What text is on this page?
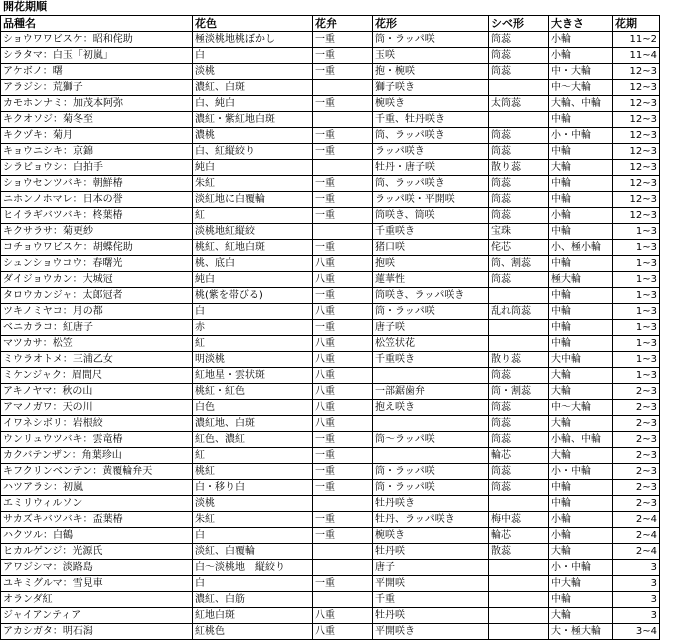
開花期順
品種名	花色	花弁	花形	シベ形	大きさ	花期
ショウワワビスケ：昭和侘助	極淡桃地桃ぼかし	一重	筒・ラッパ咲	筒蕊	小輪	11~2
シラタマ：白玉「初嵐」	白	一重	玉咲	筒蕊	小輪	11~4
アケボノ：曙	淡桃	一重	抱・椀咲	筒蕊	中・大輪	12~3
アラジシ：荒獅子	濃紅、白斑		獅子咲き		中～大輪	12~3
カモホンナミ：加茂本阿弥	白、純白	一重	椀咲き	太筒蕊	大輪、中輪	12~3
キクオソジ：菊冬至	濃紅・紫紅地白斑		千重、牡丹咲き		中輪	12~3
キクヅキ：菊月	濃桃	一重	筒、ラッパ咲き	筒蕊	小・中輪	12~3
キョウニシキ：京錦	白、紅縦絞り	一重	ラッパ咲き	筒蕊	中輪	12~3
シラビョウシ：白拍手	純白		牡丹・唐子咲	散り蕊	大輪	12~3
ショウセンツバキ：朝鮮椿	朱紅	一重	筒、ラッパ咲き	筒蕊	中輪	12~3
ニホンノホマレ：日本の誉	淡紅地に白覆輪	一重	ラッパ咲・平開咲	筒蕊	中輪	12~3
ヒイラギバツバキ：柊葉椿	紅	一重	筒咲き、筒咲	筒蕊	小輪	12~3
キクサラサ：菊更紗	淡桃地紅縦絞		千重咲き	宝珠	中輪	1~3
コチョウワビスケ：胡蝶侘助	桃紅、紅地白斑	一重	猪口咲	侘芯	小、極小輪	1~3
シュンショウコウ：春曙光	桃、底白	八重	抱咲	筒、割蕊	中輪	1~3
ダイジョウカン：大城冠	純白	八重	蓮華性	筒蕊	極大輪	1~3
タロウカンジャ：太郎冠者	桃(紫を帯びる)	一重	筒咲き、ラッパ咲き		中輪	1~3
ツキノミヤコ：月の都	白	八重	筒・ラッパ咲	乱れ筒蕊	中輪	1~3
ベニカラコ：紅唐子	赤	一重	唐子咲		中輪	1~3
マツカサ：松笠	紅	八重	松笠状花		中輪	1~3
ミウラオトメ：三浦乙女	明淡桃	八重	千重咲き	散り蕊	大中輪	1~3
ミケンジャク：眉間尺	紅地星・雲状斑	八重		筒蕊	大輪	1~3
アキノヤマ：秋の山	桃紅・紅色	八重	一部鋸歯弁	筒・割蕊	大輪	2~3
アマノガワ：天の川	白色	八重	抱え咲き	筒蕊	中～大輪	2~3
イワネシボリ：岩根絞	濃紅地、白斑	八重		筒蕊	大輪	2~3
ウンリュウツバキ：雲竜椿	紅色、濃紅	一重	筒～ラッパ咲	筒蕊	小輪、中輪	2~3
カクバテンザン：角葉珍山	紅	一重		輪芯	大輪	2~3
キフクリンベンテン：黄覆輪弁天	桃紅	一重	筒・ラッパ咲	筒蕊	小・中輪	2~3
ハツアラシ：初嵐	白・移り白	一重	筒・ラッパ咲	筒蕊	中輪	2~3
エミリウィルソン	淡桃		牡丹咲き		中輪	2~3
サカズキバツバキ：盃葉椿	朱紅	一重	牡丹、ラッパ咲き	梅中蕊	小輪	2~4
ハクツル：白鶴	白	一重	椀咲き	輪芯	小輪	2~4
ヒカルゲンジ：光源氏	淡紅、白覆輪		牡丹咲	散蕊	大輪	2~4
アワジシマ：淡路島	白～淡桃地　縦絞り		唐子		小・中輪	3
ユキミグルマ：雪見車	白	一重	平開咲		中大輪	3
オランダ紅	濃紅、白筋		千重		中輪	3
ジャイアンティア	紅地白斑	八重	牡丹咲		大輪	3
アカシガタ：明石潟	紅桃色	八重	平開咲き		大・極大輪	3~4
